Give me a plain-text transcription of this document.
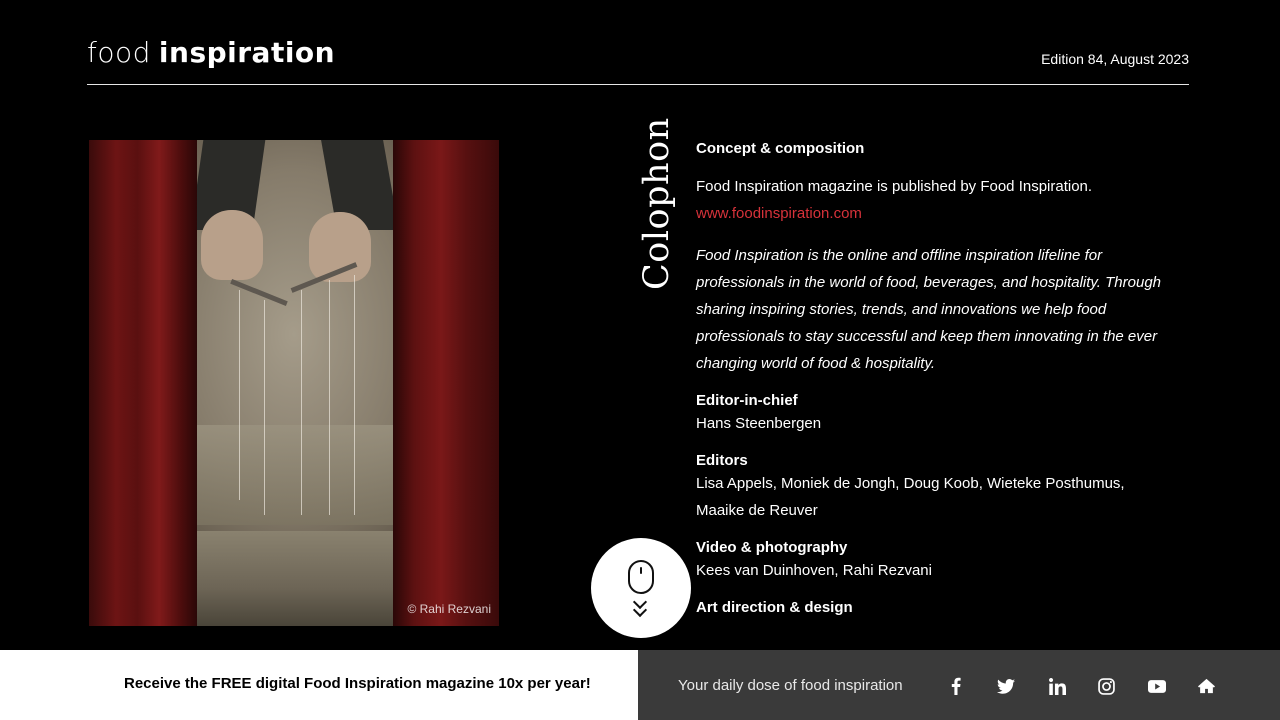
food inspiration	Edition 84, August 2023
© Rahi Rezvani
Colophon Concept & composition

Food Inspiration magazine is published by Food Inspiration. www.foodinspiration.com

Food Inspiration is the online and offline inspiration lifeline for professionals in the world of food, beverages, and hospitality. Through sharing inspiring stories, trends, and innovations we help food professionals to stay successful and keep them innovating in the ever changing world of food & hospitality.

Editor-in-chief

Hans Steenbergen

Editors

Lisa Appels, Moniek de Jongh, Doug Koob, Wieteke Posthumus, Maaike de Reuver

Video & photography

Kees van Duinhoven, Rahi Rezvani

Art direction & design
Receive the FREE digital Food Inspiration magazine 10x per year!	Your daily dose of food inspiration
